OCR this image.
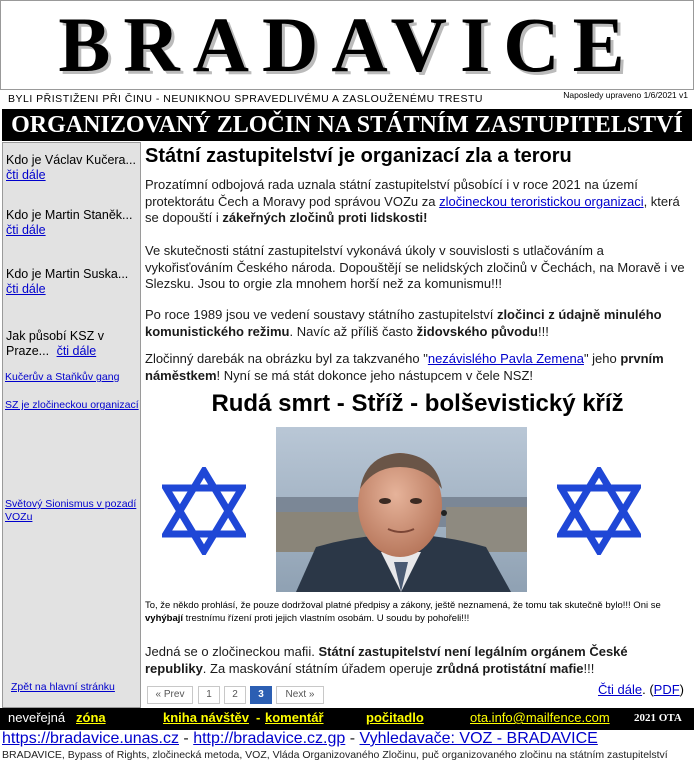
BRADAVICE
BYLI PŘISTIŽENI PŘI ČINU - NEUNIKNOU SPRAVEDLIVÉMU A ZASLOUŽENÉMU TRESTU	Naposledy upraveno 1/6/2021 v1
ORGANIZOVANÝ ZLOČIN NA STÁTNÍM ZASTUPITELSTVÍ
Kdo je Václav Kučera...
čti dále
Kdo je Martin Staněk...
čti dále
Kdo je Martin Suska...
čti dále
Jak působí KSZ v
Praze... čti dále
Kučerův a Staňkův gang
SZ je zločineckou organizací
Světový Sionismus v pozadí VOZu
Zpět na hlavní stránku
Státní zastupitelství je organizací zla a teroru
Prozatímní odbojová rada uznala státní zastupitelství působící i v roce 2021 na území protektorátu Čech a Moravy pod správou VOZu za zločineckou teroristickou organizaci, která se dopouští i zákeřných zločinů proti lidskosti!
Ve skutečnosti státní zastupitelství vykonává úkoly v souvislosti s utlačováním a vykořisťováním Českého národa. Dopouštějí se nelidských zločinů v Čechách, na Moravě i ve Slezsku. Jsou to orgie zla mnohem horší než za komunismu!!!
Po roce 1989 jsou ve vedení soustavy státního zastupitelství zločinci z údajně minulého komunistického režimu. Navíc až příliš často židovského původu!!!
Zločinný darebák na obrázku byl za takzvaného "nezávislého Pavla Zemena" jeho prvním náměstkem! Nyní se má stát dokonce jeho nástupcem v čele NSZ!
Rudá smrt - Stříž - bolševistický kříž
To, že někdo prohlásí, že pouze dodržoval platné předpisy a zákony, ještě neznamená, že tomu tak skutečně bylo!!! Oni se vyhýbají trestnímu řízení proti jejich vlastním osobám. U soudu by pohořeli!!!
Jedná se o zločineckou mafii. Státní zastupitelství není legálním orgánem České republiky. Za maskování státním úřadem operuje zrůdná protistátní mafie!!!
« Prev	1	2	3	Next »	Čti dále. (PDF)
neveřejná zóna	kniha návštěv - komentář	počitadlo	ota.info@mailfence.com 2021 OTA
https://bradavice.unas.cz - http://bradavice.cz.gp - Vyhledavače: VOZ - BRADAVICE
BRADAVICE, Bypass of Rights, zločinecká metoda, VOZ, Vláda Organizovaného Zločinu, puč organizovaného zločinu na státním zastupitelství
